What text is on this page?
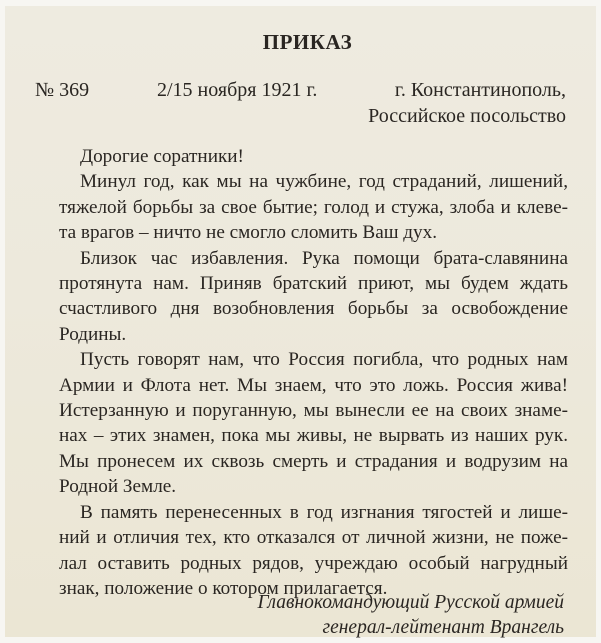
ПРИКАЗ
№ 369	2/15 ноября 1921 г.	г. Константинополь,
Российское посольство

Дорогие соратники!

Минул год, как мы на чужбине, год страданий, лишений,
тяжелой борьбы за свое бытие; голод и стужа, злоба и клеве-
та врагов – ничто не смогло сломить Ваш дух.

Близок час избавления. Рука помощи брата-славянина
протянута нам. Приняв братский приют, мы будем ждать
счастливого дня возобновления борьбы за освобождение
Родины.

Пусть говорят нам, что Россия погибла, что родных нам
Армии и Флота нет. Мы знаем, что это ложь. Россия жива!
Истерзанную и поруганную, мы вынесли ее на своих знаме-
нах – этих знамен, пока мы живы, не вырвать из наших рук.
Мы пронесем их сквозь смерть и страдания и водрузим на
Родной Земле.

В память перенесенных в год изгнания тягостей и лише-
ний и отличия тех, кто отказался от личной жизни, не поже-
лал оставить родных рядов, учреждаю особый нагрудный
знак, положение о котором прилагается.

Главнокомандующий Русской армией
генерал-лейтенант Врангель
